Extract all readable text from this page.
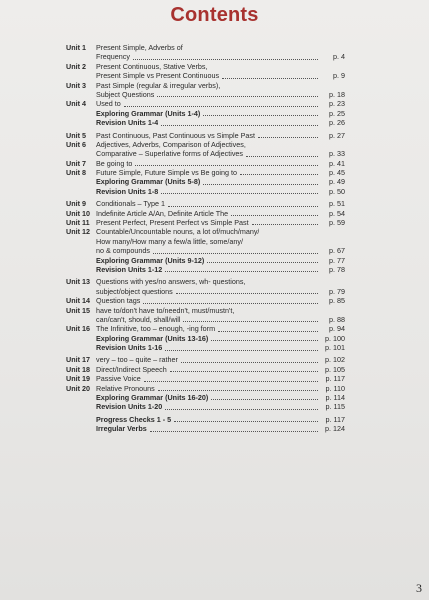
Contents
Unit 1	Present Simple, Adverbs of
Frequency	p. 4
Unit 2	Present Continuous, Stative Verbs,
Present Simple vs Present Continuous	p. 9
Unit 3	Past Simple (regular & irregular verbs),
Subject Questions	p. 18
Unit 4	Used to	p. 23
Exploring Grammar (Units 1-4)	p. 25
Revision Units 1-4	p. 26
Unit 5	Past Continuous, Past Continuous vs Simple Past	p. 27
Unit 6	Adjectives, Adverbs, Comparison of Adjectives,
Comparative – Superlative forms of Adjectives	p. 33
Unit 7	Be going to	p. 41
Unit 8	Future Simple, Future Simple vs Be going to	p. 45
Exploring Grammar (Units 5-8)	p. 49
Revision Units 1-8	p. 50
Unit 9	Conditionals – Type 1	p. 51
Unit 10 Indefinite Article A/An, Definite Article The	p. 54
Unit 11 Present Perfect, Present Perfect vs Simple Past	p. 59
Unit 12 Countable/Uncountable nouns, a lot of/much/many/
How many/How many a few/a little, some/any/
no & compounds	p. 67
Exploring Grammar (Units 9-12)	p. 77
Revision Units 1-12	p. 78
Unit 13 Questions with yes/no answers, wh- questions,
subject/object questions	p. 79
Unit 14 Question tags	p. 85
Unit 15 have to/don't have to/needn't, must/mustn't,
can/can't, should, shall/will	p. 88
Unit 16 The Infinitive, too – enough, -ing form	p. 94
Exploring Grammar (Units 13-16)	p. 100
Revision Units 1-16	p. 101
Unit 17 very – too – quite – rather	p. 102
Unit 18 Direct/Indirect Speech	p. 105
Unit 19 Passive Voice	p. 117
Unit 20 Relative Pronouns	p. 110
Exploring Grammar (Units 16-20)	p. 114
Revision Units 1-20	p. 115
Progress Checks 1 - 5	p. 117
Irregular Verbs	p. 124
3
